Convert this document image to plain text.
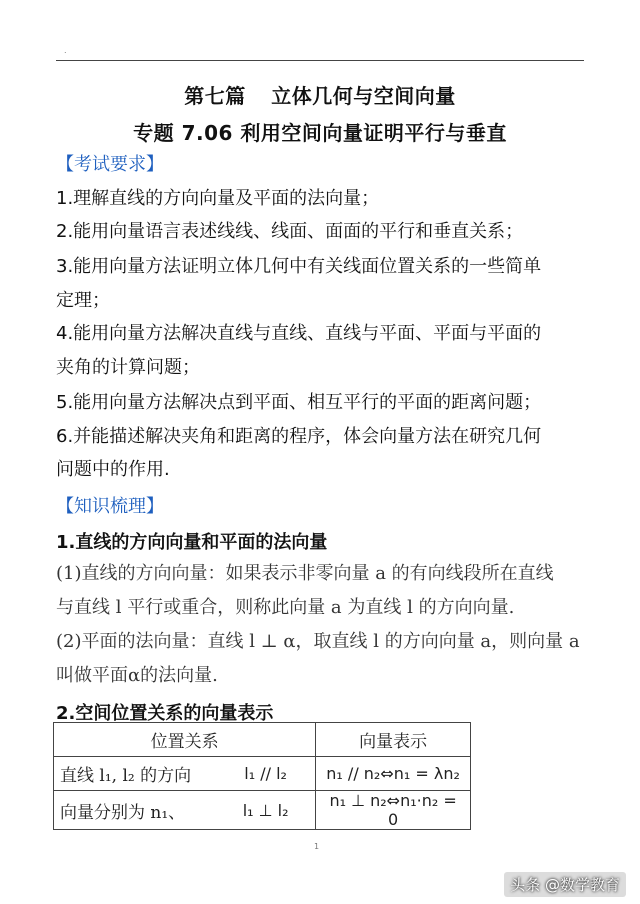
.
第七篇 立体几何与空间向量
专题 7.06 利用空间向量证明平行与垂直
【考试要求】
1.理解直线的方向向量及平面的法向量；
2.能用向量语言表述线线、线面、面面的平行和垂直关系；
3.能用向量方法证明立体几何中有关线面位置关系的一些简单
定理；
4.能用向量方法解决直线与直线、直线与平面、平面与平面的
夹角的计算问题；
5.能用向量方法解决点到平面、相互平行的平面的距离问题；
6.并能描述解决夹角和距离的程序，体会向量方法在研究几何
问题中的作用.
【知识梳理】
1.直线的方向向量和平面的法向量
(1)直线的方向向量：如果表示非零向量 a 的有向线段所在直线
与直线 l 平行或重合，则称此向量 a 为直线 l 的方向向量.
(2)平面的法向量：直线 l ⊥ α，取直线 l 的方向向量 a，则向量 a
叫做平面α的法向量.
2.空间位置关系的向量表示
位置关系		向量表示
直线 l₁, l₂ 的方向	l₁ // l₂	n₁ // n₂⇔n₁ = λn₂
向量分别为 n₁、	l₁ ⊥ l₂	n₁ ⊥ n₂⇔n₁·n₂ = 0
1
头条 @数学教育
